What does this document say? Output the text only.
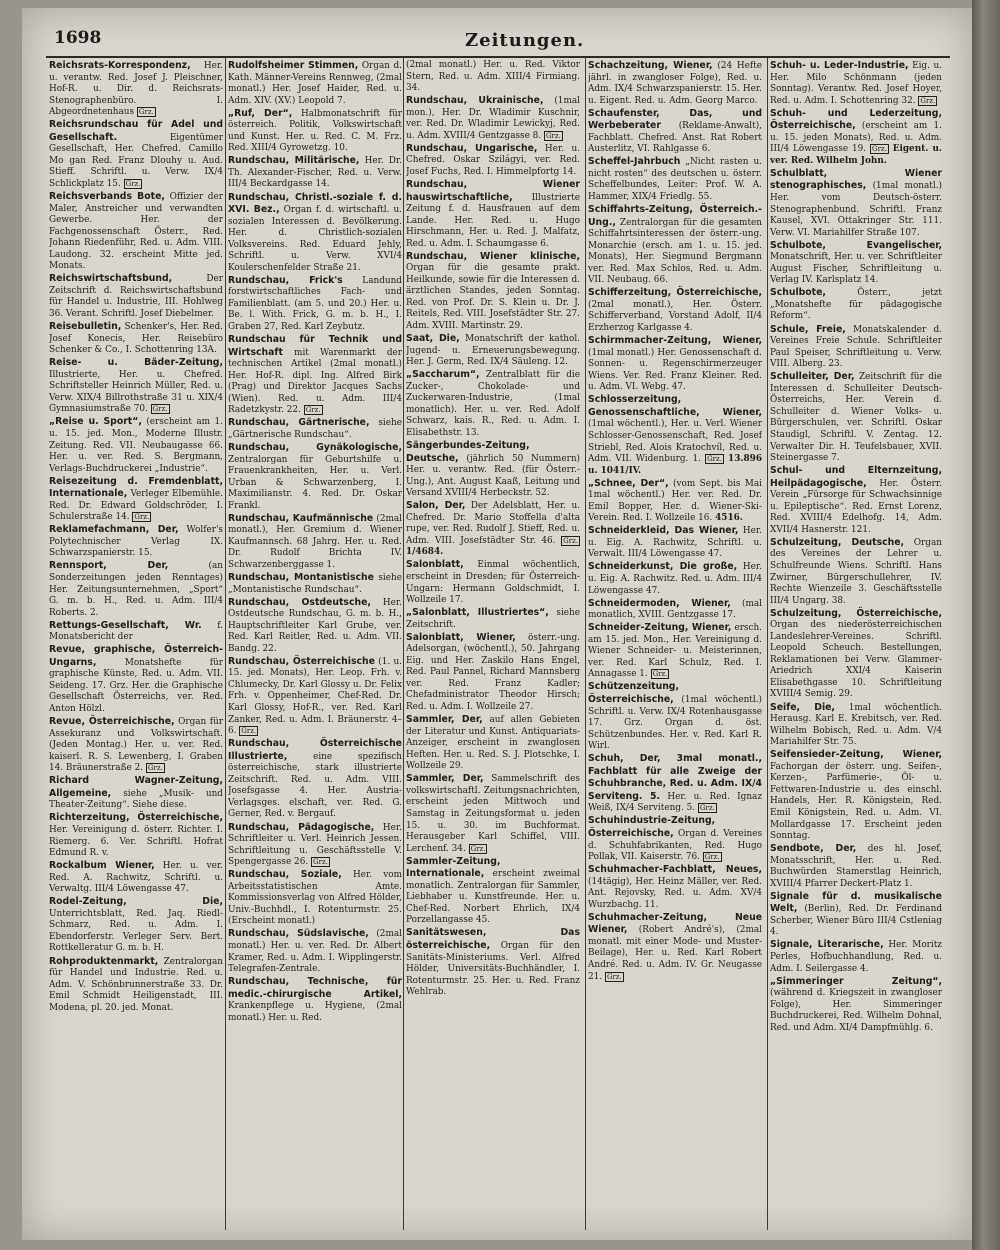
1698	Zeitungen.
Reichsrats-Korrespondenz, Her. u. verantw. Red. Josef J. Pleischner, Hof-R. u. Dir. d. Reichsrats-Stenographenbüro. I. Abgeordnetenhaus Grz.
Reichsrundschau für Adel und Gesellschaft.	Eigentümer Gesellschaft, Her. Chefred. Camillo Mo gan Red. Franz Dlouhy u. Aud. Stieff. Schriftl. u. Verw. IX/4 Schlickplatz 15. Grz.
Reichsverbands Bote, Offizier der Maler, Anstreicher und verwandten Gewerbe. Her. der Fachgenossenschaft Österr., Red. Johann Riedenführ, Red. u. Adm. VIII. Laudong. 32. erscheint Mitte jed. Monats.
Reichswirtschaftsbund,	Der Zeitschrift d. Reichswirtschaftsbund für Handel u. Industrie, III. Hohlweg 36. Verant. Schriftl. Josef Diebelmer.
Reisebulletin, Schenker's, Her. Red. Josef Konecis, Her. Reisebüro Schenker & Co., I. Schottenring 13A.
Reise- u. Bäder-Zeitung, Illustrierte, Her. u. Chefred. Schriftsteller Heinrich Müller, Red. u. Verw. XIX/4 Billrothstraße 31 u. XIX/4 Gymnasiumstraße 70. Grz.
„Reise u. Sport“, (erscheint am 1. u. 15. jed. Mon., Moderne Illustr. Zeitung. Red. VII. Neubaugasse 66. Her. u. ver. Red. S. Bergmann, Verlags-Buchdruckerei „Industrie“.
Reisezeitung d. Fremdenblatt, Internationale, Verleger Elbemühle. Red. Dr. Edward Goldschröder, I. Schulerstraße 14. Grz.
Reklamefachmann, Der, Wolfer's Polytechnischer Verlag IX. Schwarzspanierstr. 15.
Rennsport, Der,	(an Sonderzeitungen jeden Renntages) Her. Zeitungsunternehmen, „Sport“ G. m. b. H., Red. u. Adm. III/4 Roberts. 2.
Rettungs-Gesellschaft, Wr. f. Monatsbericht der
Revue, graphische, Österreich-Ungarns,	Monatshefte für graphische Künste, Red. u. Adm. VII. Seideng. 17. Grz. Her. die Graphische Gesellschaft Österreichs, ver. Red. Anton Hölzl.
Revue, Österreichische, Organ für Assekuranz und Volkswirtschaft. (Jeden Montag.) Her. u. ver. Red. kaiserl. R. S. Lewenberg, I. Graben 14. Bräunerstraße 2. Grz.
Richard Wagner-Zeitung, Allgemeine, siehe „Musik- und Theater-Zeitung“. Siehe diese.
Richterzeitung, Österreichische, Her. Vereinigung d. österr. Richter. I. Riemerg. 6. Ver. Schriftl. Hofrat Edmund R. v.
Rockalbum Wiener, Her. u. ver. Red. A. Rachwitz, Schriftl. u. Verwaltg. III/4 Löwengasse 47.
Rodel-Zeitung, Die, Unterrichtsblatt, Red. Jaq. Riedl-Schmarz, Red. u. Adm. I. Ebendorferstr. Verleger Serv. Bert. Rottkelleratur G. m. b. H.
Rohproduktenmarkt, Zentralorgan für Handel und Industrie. Red. u. Adm. V. Schönbrunnerstraße 33. Dr. Emil Schmidt Heiligenstadt, III. Modena, pl. 20. jed. Monat.
Rudolfsheimer Stimmen, Organ d. Kath. Männer-Vereins Rennweg, (2mal monatl.) Her. Josef Haider, Red. u. Adm. XIV. (XV.) Leopold 7.
„Ruf, Der“, Halbmonatschrift für österreich. Politik, Volkswirtschaft und Kunst. Her. u. Red. C. M. Frz. Red. XIII/4 Gyrowetzg. 10.
Rundschau, Militärische, Her. Dr. Th. Alexander-Fischer, Red. u. Verw. III/4 Beckardgasse 14.
Rundschau, Christl.-soziale f. d. XVI. Bez., Organ f. d. wirtschaftl. u. sozialen Interessen d. Bevölkerung. Her. d. Christlich-sozialen Volksvereins. Red. Eduard Jehly, Schriftl. u. Verw. XVI/4 Koulerschenfelder Straße 21.
Rundschau, Frick's Landund forstwirtschaftliches Fach- und Familienblatt. (am 5. und 20.) Her. u. Be. l. With. Frick, G. m. b. H., I. Graben 27, Red. Karl Zeybutz.
Rundschau für Technik und Wirtschaft mit Warenmarkt der technischen Artikel (2mal monatl.) Her. Hof-R. dipl. Ing. Alfred Birk (Prag) und Direktor Jacques Sachs (Wien). Red. u. Adm. III/4 Radetzkystr. 22. Grz.
Rundschau, Gärtnerische, siehe „Gärtnerische Rundschau“.
Rundschau, Gynäkologische, Zentralorgan für Geburtshilfe u. Frauenkrankheiten, Her. u. Verl. Urban & Schwarzenberg, I. Maximilianstr. 4. Red. Dr. Oskar Frankl.
Rundschau, Kaufmännische (2mal monatl.), Her. Gremium d. Wiener Kaufmannsch. 68 Jahrg. Her. u. Red. Dr. Rudolf Brichta IV. Schwarzenberggasse 1.
Rundschau, Montanistische siehe „Montanistische Rundschau“.
Rundschau, Ostdeutsche, Her. Ostdeutsche Rundschau, G. m. b. H., Hauptschriftleiter Karl Grube, ver. Red. Karl Reitler, Red. u. Adm. VII. Bandg. 22.
Rundschau, Österreichische (1. u. 15. jed. Monats), Her. Leop. Frh. v. Chlumecky, Dr. Karl Glossy u. Dr. Felix Frh. v. Oppenheimer, Chef-Red. Dr. Karl Glossy, Hof-R., ver. Red. Karl Zanker, Red. u. Adm. I. Bräunerstr. 4–6. Grz.
Rundschau, Österreichische Illustrierte,	eine spezifisch österreichische, stark illustrierte Zeitschrift. Red. u. Adm. VIII. Josefsgasse 4. Her. Austria-Verlagsges. elschaft, ver. Red. G. Gerner, Red. v. Bergauf.
Rundschau, Pädagogische, Her. Schriftleiter u. Verl. Heinrich Jessen. Schriftleitung u. Geschäftsstelle V. Spengergasse 26. Grz.
Rundschau, Soziale, Her. vom Arbeitsstatistischen Amte. Kommissionsverlag von Alfred Hölder, Univ.-Buchhdl., I. Rotenturmstr. 25. (Erscheint monatl.)
Rundschau, Südslavische, (2mal monatl.) Her. u. ver. Red. Dr. Albert Kramer, Red. u. Adm. I. Wipplingerstr. Telegrafen-Zentrale.
Rundschau, Technische, für medic.-chirurgische Artikel, Krankenpflege u. Hygiene, (2mal monatl.) Her. u. Red.
(2mal monatl.) Her. u. Red. Viktor Stern, Red. u. Adm. XIII/4 Firmiang. 34.
Rundschau, Ukrainische, (1mal mon.), Her. Dr. Wladimir Kuschnir, ver. Red. Dr. Wladimir Lewickyj, Red. u. Adm. XVIII/4 Gentzgasse 8. Grz.
Rundschau, Ungarische, Her. u. Chefred. Oskar Szilágyi, ver. Red. Josef Fuchs, Red. I. Himmelpfortg 14.
Rundschau, Wiener hauswirtschaftliche, Illustrierte Zeitung f. d. Hausfrauen auf dem Lande. Her. Red. u. Hugo Hirschmann, Her. u. Red. J. Malfatz, Red. u. Adm. I. Schaumgasse 6.
Rundschau, Wiener klinische, Organ für die gesamte prakt. Heilkunde, sowie für die Interessen d. ärztlichen Standes, jeden Sonntag. Red. von Prof. Dr. S. Klein u. Dr. J. Reitels, Red. VIII. Josefstädter Str. 27. Adm. XVIII. Martinstr. 29.
Saat, Die, Monatschrift der kathol. Jugend- u. Erneuerungsbewegung. Her. J. Germ, Red. IX/4 Säuleng. 12.
„Saccharum“, Zentralblatt für die Zucker-, Chokolade- und Zuckerwaren-Industrie, (1mal monatlich). Her. u. ver. Red. Adolf Schwarz, kais. R., Red. u. Adm. I. Elisabethstr. 13.
Sängerbundes-Zeitung, Deutsche, (jährlich 50 Nummern) Her. u. verantw. Red. (für Österr.-Ung.), Ant. August Kaaß, Leitung und Versand XVIII/4 Herbeckstr. 52.
Salon, Der, Der Adelsblatt, Her. u. Chefred. Dr. Mario Stoffella d'alta rupe, ver. Red. Rudolf J. Stieff, Red. u. Adm. VIII. Josefstädter Str. 46. Grz. 1/4684.
Salonblatt, Einmal wöchentlich, erscheint in Dresden; für Österreich-Ungarn: Hermann Goldschmidt, I. Wollzeile 17.
„Salonblatt, Illustriertes“, siehe Zeitschrift.
Salonblatt, Wiener, österr.-ung. Adelsorgan, (wöchentl.), 50. Jahrgang Eig. und Her. Zaskilo Hans Engel, Red. Paul Pannel, Richard Mannsberg ver. Red. Franz Kadler; Chefadministrator Theodor Hirsch; Red. u. Adm. I. Wollzeile 27.
Sammler, Der, auf allen Gebieten der Literatur und Kunst. Antiquariats-Anzeiger, erscheint in zwanglosen Heften. Her. u. Red. S. J. Plotschke, I. Wollzeile 29.
Sammler, Der, Sammelschrift des volkswirtschaftl. Zeitungsnachrichten, erscheint jeden Mittwoch und Samstag in Zeitungsformat u. jeden 15. u. 30. im Buchformat. Herausgeber Karl Schiffel, VIII. Lerchenf. 34. Grz.
Sammler-Zeitung, Internationale, erscheint zweimal monatlich. Zentralorgan für Sammler, Liebhaber u. Kunstfreunde. Her. u. Chef-Red. Norbert Ehrlich, IX/4 Porzellangasse 45.
Sanitätswesen, Das österreichische, Organ für den Sanitäts-Ministeriums. Verl. Alfred Hölder, Universitäts-Buchhändler, I. Rotenturmstr. 25. Her. u. Red. Franz Wehlrab.
Schachzeitung, Wiener, (24 Hefte jährl. in zwangloser Folge), Red. u. Adm. IX/4 Schwarzspanierstr. 15. Her. u. Eigent. Red. u. Adm. Georg Marco.
Schaufenster, Das, und Werbeberater (Reklame-Anwalt), Fachblatt. Chefred. Anst. Rat Robert Austerlitz, VI. Rahlgasse 6.
Scheffel-Jahrbuch „Nicht rasten u. nicht rosten“ des deutschen u. österr. Scheffelbundes, Leiter: Prof. W. A. Hammer, XIX/4 Friedlg. 55.
Schiffahrts-Zeitung, Österreich.-Ung., Zentralorgan für die gesamten Schiffahrtsinteressen der österr.-ung. Monarchie (ersch. am 1. u. 15. jed. Monats), Her. Siegmund Bergmann ver. Red. Max Schlos, Red. u. Adm. VII. Neubaug. 66.
Schifferzeitung, Österreichische, (2mal monatl.), Her. Österr. Schifferverband, Vorstand Adolf, II/4 Erzherzog Karlgasse 4.
Schirmmacher-Zeitung, Wiener, (1mal monatl.) Her. Genossenschaft d. Sonnen- u. Regenschirmerzeuger Wiens. Ver. Red. Franz Kleiner. Red. u. Adm. VI. Webg. 47.
Schlosserzeitung, Genossenschaftliche, Wiener, (1mal wöchentl.), Her. u. Verl. Wiener Schlosser-Genossenschaft, Red. Josef Striebl, Red. Alois Kratochvíl, Red. u. Adm. VII. Widenburg. 1. Grz. 13.896 u. 1041/IV.
„Schnee, Der“, (vom Sept. bis Mai 1mal wöchentl.) Her. ver. Red. Dr. Emil Bopper, Her. d. Wiener-Ski-Verein. Red. I. Wollzeile 16. 4516.
Schneiderkleid, Das Wiener, Her. u. Eig. A. Rachwitz, Schriftl. u. Verwalt. III/4 Löwengasse 47.
Schneiderkunst, Die große, Her. u. Eig. A. Rachwitz. Red. u. Adm. III/4 Löwengasse 47.
Schneidermoden, Wiener, (mal monatlich, XVIII. Gentzgasse 17.
Schneider-Zeitung, Wiener, ersch. am 15. jed. Mon., Her. Vereinigung d. Wiener Schneider- u. Meisterinnen, ver. Red. Karl Schulz, Red. I. Annagasse 1. Grz.
Schützenzeitung, Österreichische, (1mal wöchentl.) Schriftl. u. Verw. IX/4 Rotenhausgasse 17. Grz. Organ d. öst. Schützenbundes. Her. v. Red. Karl R. Wirl.
Schuh, Der, 3mal monatl., Fachblatt für alle Zweige der Schuhbranche, Red. u. Adm. IX/4 Serviteng. 5. Her. u. Red. Ignaz Weiß, IX/4 Serviteng. 5. Grz.
Schuhindustrie-Zeitung, Österreichische, Organ d. Vereines d. Schuhfabrikanten, Red. Hugo Pollak, VII. Kaiserstr. 76. Grz.
Schuhmacher-Fachblatt, Neues, (14tägig), Her. Heinz Mäller, ver. Red. Ant. Rejovsky, Red. u. Adm. XV/4 Wurzbachg. 11.
Schuhmacher-Zeitung, Neue Wiener, (Robert André's), (2mal monatl. mit einer Mode- und Muster-Beilage), Her. u. Red. Karl Robert André. Red. u. Adm. IV. Gr. Neugasse 21. Grz.
Schuh- u. Leder-Industrie, Eig. u. Her. Milo Schönmann (jeden Sonntag). Verantw. Red. Josef Hoyer, Red. u. Adm. I. Schottenring 32. Grz.
Schuh- und Lederzeitung, Österreichische, (erscheint am 1. u. 15. jeden Monats), Red. u. Adm. III/4 Löwengasse 19. Grz. Eigent. u. ver. Red. Wilhelm John.
Schulblatt, Wiener stenographisches, (1mal monatl.) Her. vom Deutsch-österr. Stenographenbund. Schriftl. Franz Kausel, XVI. Ottakringer Str. 111. Verw. VI. Mariahilfer Straße 107.
Schulbote, Evangelischer, Monatschrift, Her. u. ver. Schriftleiter August Fischer, Schriftleitung u. Verlag IV. Karlsplatz 14.
Schulbote,	Österr., jetzt „Monatshefte für pädagogische Reform“.
Schule, Freie, Monatskalender d. Vereines Freie Schule. Schriftleiter Paul Speiser, Schriftleitung u. Verw. VIII. Alberg. 23.
Schulleiter, Der, Zeitschrift für die Interessen d. Schulleiter Deutsch-Österreichs, Her. Verein d. Schulleiter d. Wiener Volks- u. Bürgerschulen, ver. Schriftl. Oskar Staudigl, Schriftl. V. Zentag. 12. Verwalter Dir. H. Teufelsbauer, XVII. Steinergasse 7.
Schul- und Elternzeitung, Heilpädagogische, Her. Österr. Verein „Fürsorge für Schwachsinnige u. Epileptische“. Red. Ernst Lorenz, Red. XVIII/4 Edelhofg. 14, Adm. XVII/4 Hasnerstr. 121.
Schulzeitung, Deutsche, Organ des Vereines der Lehrer u. Schulfreunde Wiens. Schriftl. Hans Zwirner, Bürgerschullehrer, IV. Rechte Wienzeile 3. Geschäftsstelle III/4 Ungarg. 38.
Schulzeitung, Österreichische, Organ des niederösterreichischen Landeslehrer-Vereines. Schriftl. Leopold Scheuch. Bestellungen, Reklamationen bei Verw. Glammer-Ariedrich XXI/4 Kaiserin Elisabethgasse 10. Schriftleitung XVIII/4 Semig. 29.
Seife, Die, 1mal wöchentlich. Herausg. Karl E. Krebitsch, ver. Red. Wilhelm Bobisch, Red. u. Adm. V/4 Mariahilfer Str. 75.
Seifensieder-Zeitung, Wiener, Fachorgan der österr. ung. Seifen-, Kerzen-, Parfümerie-, Öl- u. Fettwaren-Industrie u. des einschl. Handels, Her. R. Königstein, Red. Emil Königstein, Red. u. Adm. VI. Mollardgasse 17. Erscheint jeden Sonntag.
Sendbote, Der, des hl. Josef, Monatsschrift, Her. u. Red. Buchwürden Stamerstlag Heinrich, XVIII/4 Pfarrer Deckert-Platz 1.
Signale für d. musikalische Welt, (Berlin), Red. Dr. Ferdinand Scherber, Wiener Büro III/4 Cstleniag 4.
Signale, Literarische, Her. Moritz Perles, Hofbuchhandlung, Red. u. Adm. I. Seilergasse 4.
„Simmeringer Zeitung“, (während d. Kriegszeit in zwangloser Folge), Her. Simmeringer Buchdruckerei, Red. Wilhelm Dohnal, Red. und Adm. XI/4 Dampfmühlg. 6.
